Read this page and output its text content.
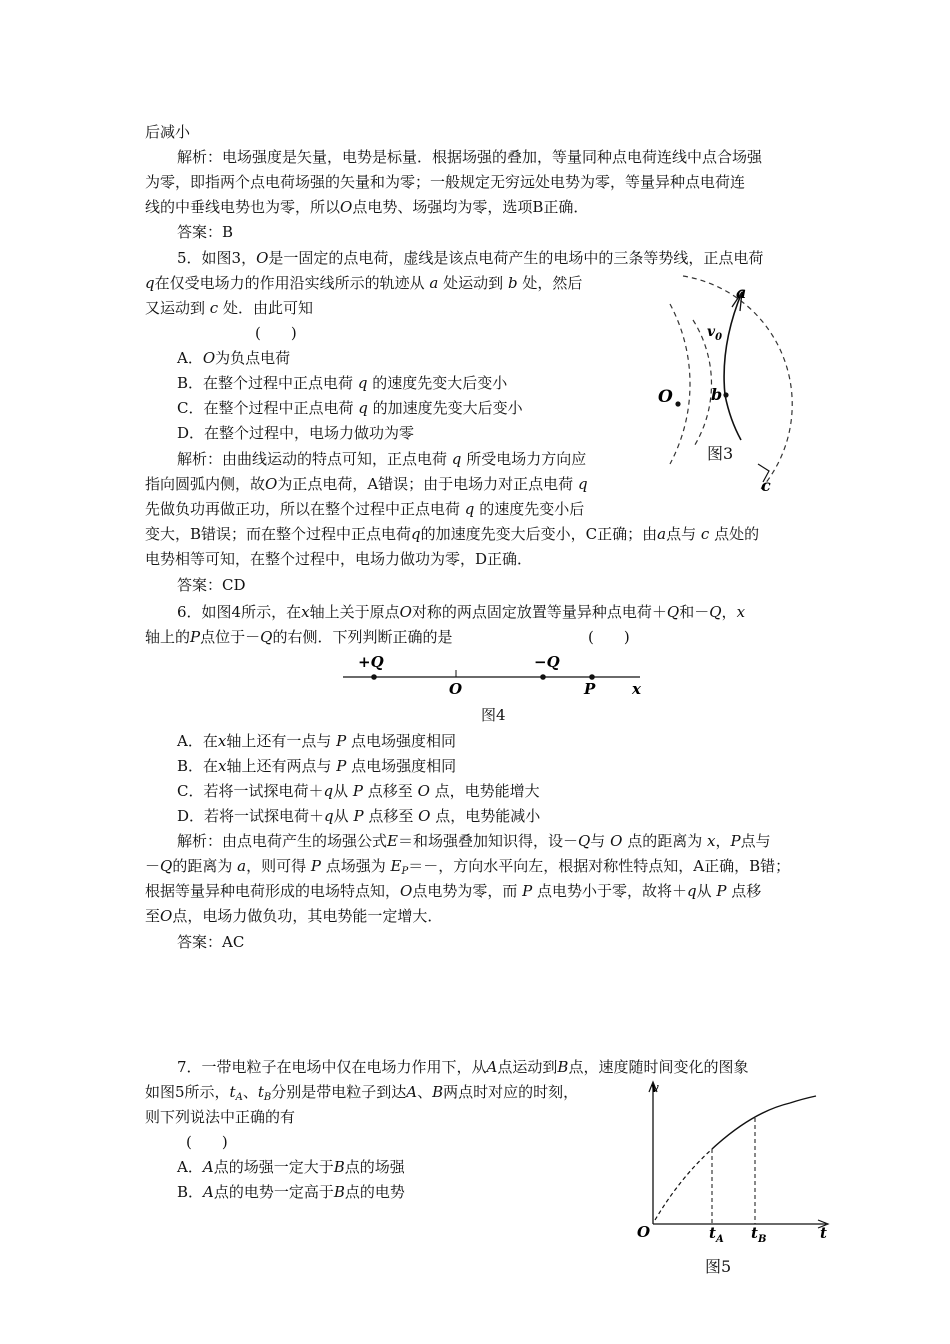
后减小
解析：电场强度是矢量，电势是标量．根据场强的叠加，等量同种点电荷连线中点合场强
为零，即指两个点电荷场强的矢量和为零；一般规定无穷远处电势为零，等量异种点电荷连
线的中垂线电势也为零，所以O点电势、场强均为零，选项B正确．
答案：B
5．如图3，O是一固定的点电荷，虚线是该点电荷产生的电场中的三条等势线，正点电荷
q在仅受电场力的作用沿实线所示的轨迹从 a 处运动到 b 处，然后
又运动到 c 处．由此可知
(　　)
A．O为负点电荷
B．在整个过程中正点电荷 q 的速度先变大后变小
C．在整个过程中正点电荷 q 的加速度先变大后变小
D．在整个过程中，电场力做功为零
解析：由曲线运动的特点可知，正点电荷 q 所受电场力方向应
指向圆弧内侧，故O为正点电荷，A错误；由于电场力对正点电荷 q
先做负功再做正功，所以在整个过程中正点电荷 q 的速度先变小后
变大，B错误；而在整个过程中正点电荷q的加速度先变大后变小，C正确；由a点与 c 点处的
电势相等可知，在整个过程中，电场力做功为零，D正确．
答案：CD
a
$v_0$
O b
c
图3
6．如图4所示，在x轴上关于原点O对称的两点固定放置等量异种点电荷＋Q和－Q，x
轴上的P点位于－Q的右侧．下列判断正确的是	(　　)
+Q	−Q
O	P x
图4
A．在x轴上还有一点与 P 点电场强度相同
B．在x轴上还有两点与 P 点电场强度相同
C．若将一试探电荷＋q从 P 点移至 O 点，电势能增大
D．若将一试探电荷＋q从 P 点移至 O 点，电势能减小
解析：由点电荷产生的场强公式E＝和场强叠加知识得，设－Q与 O 点的距离为 x，P点与
－Q的距离为 a，则可得 P 点场强为 $E_P=-$，方向水平向左，根据对称性特点知，A正确，B错；
根据等量异种电荷形成的电场特点知，O点电势为零，而 P 点电势小于零，故将＋q从 P 点移
至O点，电场力做负功，其电势能一定增大．
答案：AC
7．一带电粒子在电场中仅在电场力作用下，从A点运动到B点，速度随时间变化的图象
如图5所示，$t_A$、$t_B$分别是带电粒子到达A、B两点时对应的时刻，
则下列说法中正确的有
(　　)
A．A点的场强一定大于B点的场强
B．A点的电势一定高于B点的电势
v
O	$t_A$ $t_B$	t
图5
